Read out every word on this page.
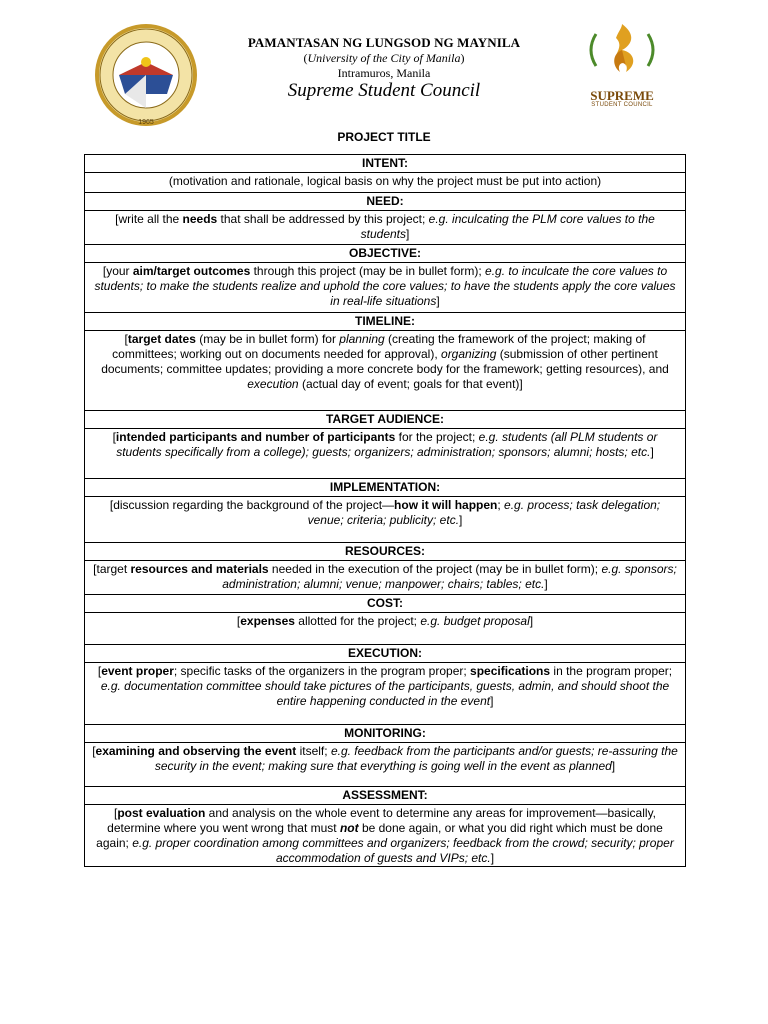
1965
PAMANTASAN NG LUNGSOD NG MAYNILA
(University of the City of Manila)
Intramuros, Manila
Supreme Student Council	SUPREME
STUDENT COUNCIL
PROJECT TITLE
INTENT:
(motivation and rationale, logical basis on why the project must be put into action)
NEED:
[write all the needs that shall be addressed by this project; e.g. inculcating the PLM core values to the students]
OBJECTIVE:
[your aim/target outcomes through this project (may be in bullet form); e.g. to inculcate the core values to students; to make the students realize and uphold the core values; to have the students apply the core values in real-life situations]
TIMELINE:
[target dates (may be in bullet form) for planning (creating the framework of the project; making of committees; working out on documents needed for approval), organizing (submission of other pertinent documents; committee updates; providing a more concrete body for the framework; getting resources), and execution (actual day of event; goals for that event)]
TARGET AUDIENCE:
[intended participants and number of participants for the project; e.g. students (all PLM students or students specifically from a college); guests; organizers; administration; sponsors; alumni; hosts; etc.]
IMPLEMENTATION:
[discussion regarding the background of the project—how it will happen; e.g. process; task delegation; venue; criteria; publicity; etc.]
RESOURCES:
[target resources and materials needed in the execution of the project (may be in bullet form); e.g. sponsors; administration; alumni; venue; manpower; chairs; tables; etc.]
COST:
[expenses allotted for the project; e.g. budget proposal]
EXECUTION:
[event proper; specific tasks of the organizers in the program proper; specifications in the program proper; e.g. documentation committee should take pictures of the participants, guests, admin, and should shoot the entire happening conducted in the event]
MONITORING:
[examining and observing the event itself; e.g. feedback from the participants and/or guests; re-assuring the security in the event; making sure that everything is going well in the event as planned]
ASSESSMENT:
[post evaluation and analysis on the whole event to determine any areas for improvement—basically, determine where you went wrong that must not be done again, or what you did right which must be done again; e.g. proper coordination among committees and organizers; feedback from the crowd; security; proper accommodation of guests and VIPs; etc.]
